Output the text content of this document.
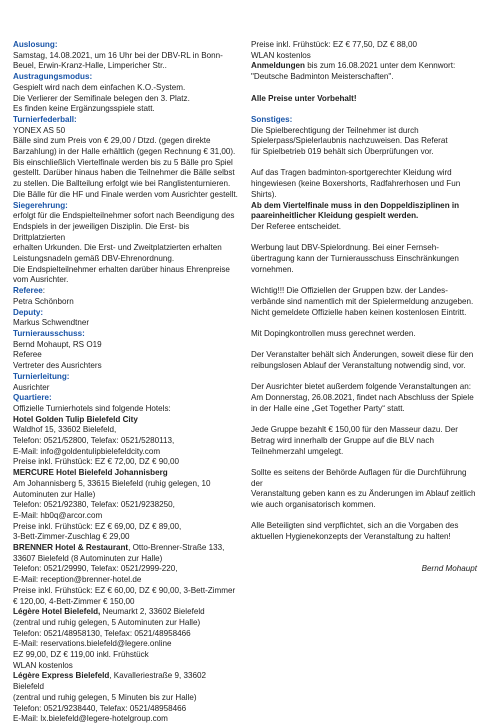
Auslosung:

Samstag, 14.08.2021, um 16 Uhr bei der DBV-RL in Bonn-

Beuel, Erwin-Kranz-Halle, Limpericher Str..

Austragungsmodus:

Gespielt wird nach dem einfachen K.O.-System.

Die Verlierer der Semifinale belegen den 3. Platz.

Es finden keine Ergänzungsspiele statt.

Turnierfederball:

YONEX AS 50

Bälle sind zum Preis von € 29,00 / Dtzd. (gegen direkte

Barzahlung) in der Halle erhältlich (gegen Rechnung € 31,00).

Bis einschließlich Viertelfinale werden bis zu 5 Bälle pro Spiel

gestellt. Darüber hinaus haben die Teilnehmer die Bälle selbst

zu stellen. Die Ballteilung erfolgt wie bei Ranglistenturnieren.

Die Bälle für die HF und Finale werden vom Ausrichter gestellt.

Siegerehrung:

erfolgt für die Endspielteilnehmer sofort nach Beendigung des

Endspiels in der jeweiligen Disziplin. Die Erst- bis Drittplatzierten

erhalten Urkunden. Die Erst- und Zweitplatzierten erhalten

Leistungsnadeln gemäß DBV-Ehrenordnung.

Die Endspielteilnehmer erhalten darüber hinaus Ehrenpreise

vom Ausrichter.

Referee:

Petra Schönborn

Deputy:

Markus Schwendtner

Turnierausschuss:

Bernd Mohaupt, RS O19

Referee

Vertreter des Ausrichters

Turnierleitung:

Ausrichter

Quartiere:

Offizielle Turnierhotels sind folgende Hotels:

Hotel Golden Tulip Bielefeld City

Waldhof 15, 33602 Bielefeld,

Telefon: 0521/52800, Telefax: 0521/5280113,

E-Mail: info@goldentulipbielefeldcity.com

Preise inkl. Frühstück: EZ € 72,00, DZ € 90,00

MERCURE Hotel Bielefeld Johannisberg

Am Johannisberg 5, 33615 Bielefeld (ruhig gelegen, 10

Autominuten zur Halle)

Telefon: 0521/92380, Telefax: 0521/9238250,

E-Mail: hb0q@arcor.com

Preise inkl. Frühstück: EZ € 69,00, DZ € 89,00,

3-Bett-Zimmer-Zuschlag € 29,00

BRENNER Hotel & Restaurant, Otto-Brenner-Straße 133,

33607 Bielefeld (8 Autominuten zur Halle)

Telefon: 0521/29990, Telefax: 0521/2999-220,

E-Mail: reception@brenner-hotel.de

Preise inkl. Frühstück: EZ € 60,00, DZ € 90,00, 3-Bett-Zimmer

€ 120,00, 4-Bett-Zimmer € 150,00

Légère Hotel Bielefeld, Neumarkt 2, 33602 Bielefeld

(zentral und ruhig gelegen, 5 Autominuten zur Halle)

Telefon: 0521/48958130, Telefax: 0521/48958466

E-Mail: reservations.bielefeld@legere.online

EZ 99,00, DZ € 119,00 inkl. Frühstück

WLAN kostenlos

Légère Express Bielefeld, Kavalleriestraße 9, 33602 Bielefeld

(zentral und ruhig gelegen, 5 Minuten bis zur Halle)

Telefon: 0521/9238440, Telefax: 0521/48958466

E-Mail: lx.bielefeld@legere-hotelgroup.com

Preise inkl. Frühstück: EZ € 77,50, DZ € 88,00

WLAN kostenlos

Anmeldungen bis zum 16.08.2021 unter dem Kennwort:

"Deutsche Badminton Meisterschaften".

Alle Preise unter Vorbehalt!

Sonstiges:

Die Spielberechtigung der Teilnehmer ist durch

Spielerpass/Spielerlaubnis nachzuweisen. Das Referat

für Spielbetrieb 019 behält sich Überprüfungen vor.

Auf das Tragen badminton-sportgerechter Kleidung wird

hingewiesen (keine Boxershorts, Radfahrerhosen und Fun

Shirts).

Ab dem Viertelfinale muss in den Doppeldisziplinen in

paareinheitlicher Kleidung gespielt werden.

Der Referee entscheidet.

Werbung laut DBV-Spielordnung. Bei einer Fernseh-

übertragung kann der Turnierausschuss Einschränkungen

vornehmen.

Wichtig!!! Die Offiziellen der Gruppen bzw. der Landes-

verbände sind namentlich mit der Spielermeldung anzugeben.

Nicht gemeldete Offizielle haben keinen kostenlosen Eintritt.

Mit Dopingkontrollen muss gerechnet werden.

Der Veranstalter behält sich Änderungen, soweit diese für den

reibungslosen Ablauf der Veranstaltung notwendig sind, vor.

Der Ausrichter bietet außerdem folgende Veranstaltungen an:

Am Donnerstag, 26.08.2021, findet nach Abschluss der Spiele

in der Halle eine „Get Together Party“ statt.

Jede Gruppe bezahlt € 150,00 für den Masseur dazu. Der

Betrag wird innerhalb der Gruppe auf die BLV nach

Teilnehmerzahl umgelegt.

Sollte es seitens der Behörde Auflagen für die Durchführung der

Veranstaltung geben kann es zu Änderungen im Ablauf zeitlich

wie auch organisatorisch kommen.

Alle Beteiligten sind verpflichtet, sich an die Vorgaben des

aktuellen Hygienekonzepts der Veranstaltung zu halten!

Bernd Mohaupt
